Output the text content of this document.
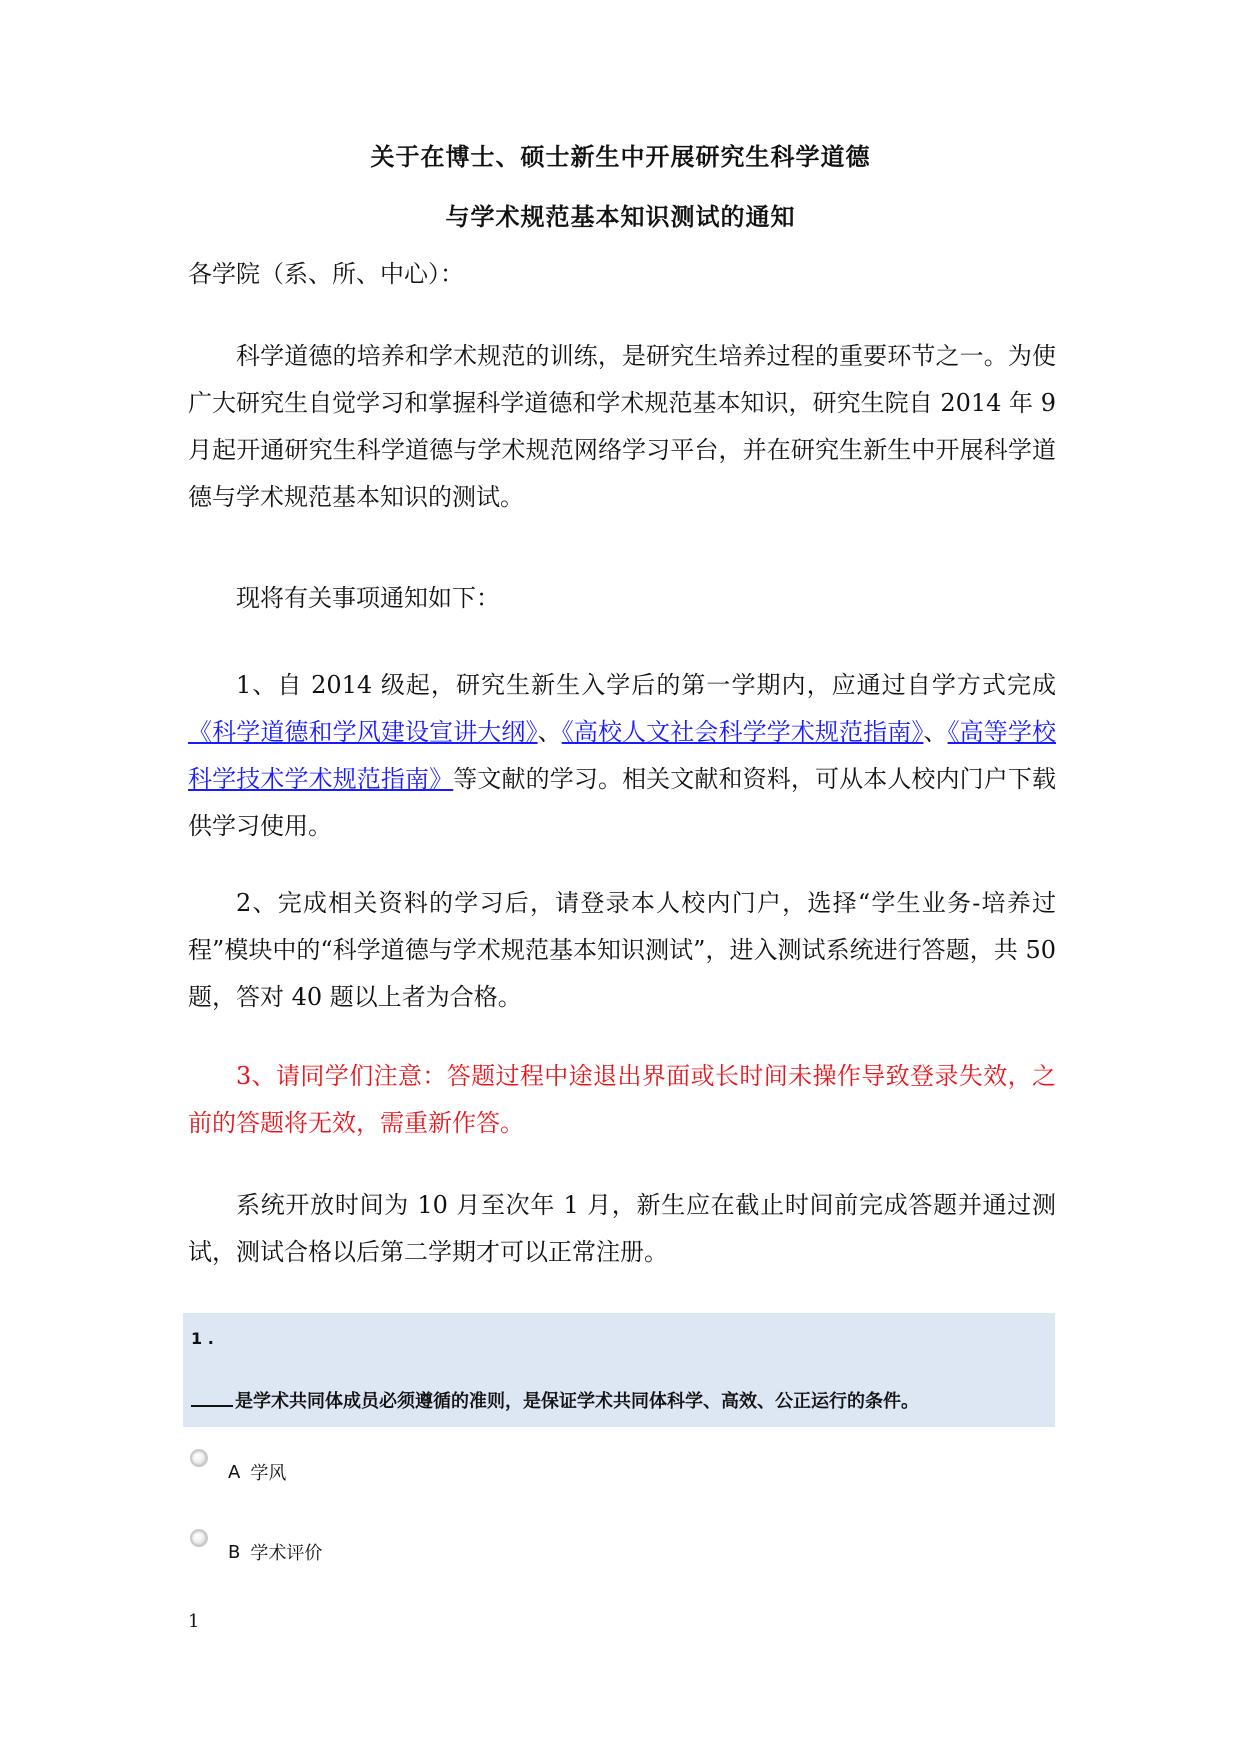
关于在博士、硕士新生中开展研究生科学道德
与学术规范基本知识测试的通知
各学院（系、所、中心）：
科学道德的培养和学术规范的训练，是研究生培养过程的重要环节之一。为使广大研究生自觉学习和掌握科学道德和学术规范基本知识，研究生院自 2014 年 9 月起开通研究生科学道德与学术规范网络学习平台，并在研究生新生中开展科学道德与学术规范基本知识的测试。
现将有关事项通知如下：
1、自 2014 级起，研究生新生入学后的第一学期内，应通过自学方式完成《科学道德和学风建设宣讲大纲》、《高校人文社会科学学术规范指南》、《高等学校科学技术学术规范指南》等文献的学习。相关文献和资料，可从本人校内门户下载供学习使用。
2、完成相关资料的学习后，请登录本人校内门户，选择“学生业务-培养过程”模块中的“科学道德与学术规范基本知识测试”，进入测试系统进行答题，共 50 题，答对 40 题以上者为合格。
3、请同学们注意：答题过程中途退出界面或长时间未操作导致登录失效，之前的答题将无效，需重新作答。
系统开放时间为 10 月至次年 1 月，新生应在截止时间前完成答题并通过测试，测试合格以后第二学期才可以正常注册。
1 .
是学术共同体成员必须遵循的准则，是保证学术共同体科学、高效、公正运行的条件。
A 学风
B 学术评价
1
